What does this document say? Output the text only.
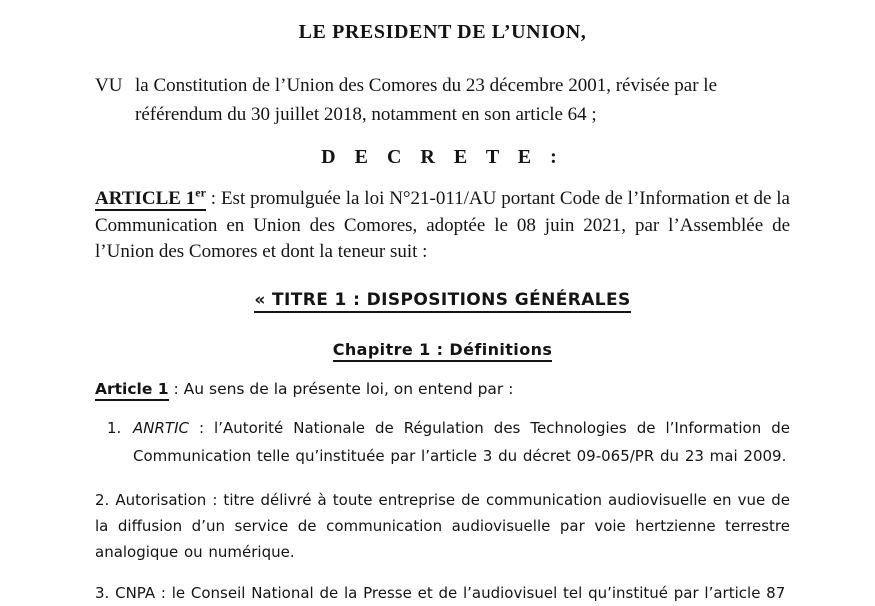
LE PRESIDENT DE L’UNION,
VU la Constitution de l’Union des Comores du 23 décembre 2001, révisée par le référendum du 30 juillet 2018, notamment en son article 64 ;
D E C R E T E :

ARTICLE 1er : Est promulguée la loi N°21-011/AU portant Code de l’Information et de la Communication en Union des Comores, adoptée le 08 juin 2021, par l’Assemblée de l’Union des Comores et dont la teneur suit :

« TITRE 1 : DISPOSITIONS GÉNÉRALES
Chapitre 1 : Définitions

Article 1 : Au sens de la présente loi, on entend par :

1. ANRTIC : l’Autorité Nationale de Régulation des Technologies de l’Information de Communication telle qu’instituée par l’article 3 du décret 09-065/PR du 23 mai 2009.

2. Autorisation : titre délivré à toute entreprise de communication audiovisuelle en vue de la diffusion d’un service de communication audiovisuelle par voie hertzienne terrestre analogique ou numérique.

3. CNPA : le Conseil National de la Presse et de l’audiovisuel tel qu’institué par l’article 87
